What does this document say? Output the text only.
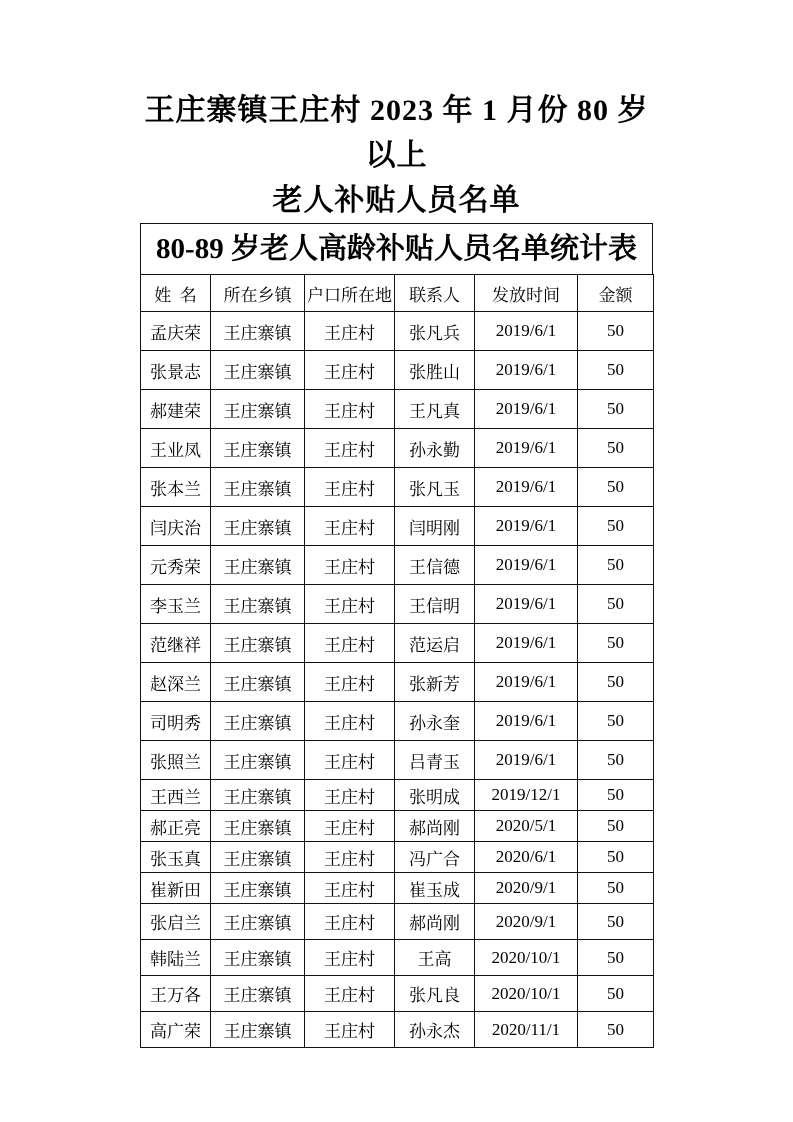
王庄寨镇王庄村 2023 年 1 月份 80 岁以上
老人补贴人员名单
80-89 岁老人高龄补贴人员名单统计表
姓  名	所在乡镇	户口所在地	联系人	发放时间	金额
孟庆荣	王庄寨镇	王庄村	张凡兵	2019/6/1	50
张景志	王庄寨镇	王庄村	张胜山	2019/6/1	50
郝建荣	王庄寨镇	王庄村	王凡真	2019/6/1	50
王业凤	王庄寨镇	王庄村	孙永勤	2019/6/1	50
张本兰	王庄寨镇	王庄村	张凡玉	2019/6/1	50
闫庆治	王庄寨镇	王庄村	闫明刚	2019/6/1	50
元秀荣	王庄寨镇	王庄村	王信德	2019/6/1	50
李玉兰	王庄寨镇	王庄村	王信明	2019/6/1	50
范继祥	王庄寨镇	王庄村	范运启	2019/6/1	50
赵深兰	王庄寨镇	王庄村	张新芳	2019/6/1	50
司明秀	王庄寨镇	王庄村	孙永奎	2019/6/1	50
张照兰	王庄寨镇	王庄村	吕青玉	2019/6/1	50
王西兰	王庄寨镇	王庄村	张明成	2019/12/1	50
郝正亮	王庄寨镇	王庄村	郝尚刚	2020/5/1	50
张玉真	王庄寨镇	王庄村	冯广合	2020/6/1	50
崔新田	王庄寨镇	王庄村	崔玉成	2020/9/1	50
张启兰	王庄寨镇	王庄村	郝尚刚	2020/9/1	50
韩陆兰	王庄寨镇	王庄村	王高	2020/10/1	50
王万各	王庄寨镇	王庄村	张凡良	2020/10/1	50
高广荣	王庄寨镇	王庄村	孙永杰	2020/11/1	50
